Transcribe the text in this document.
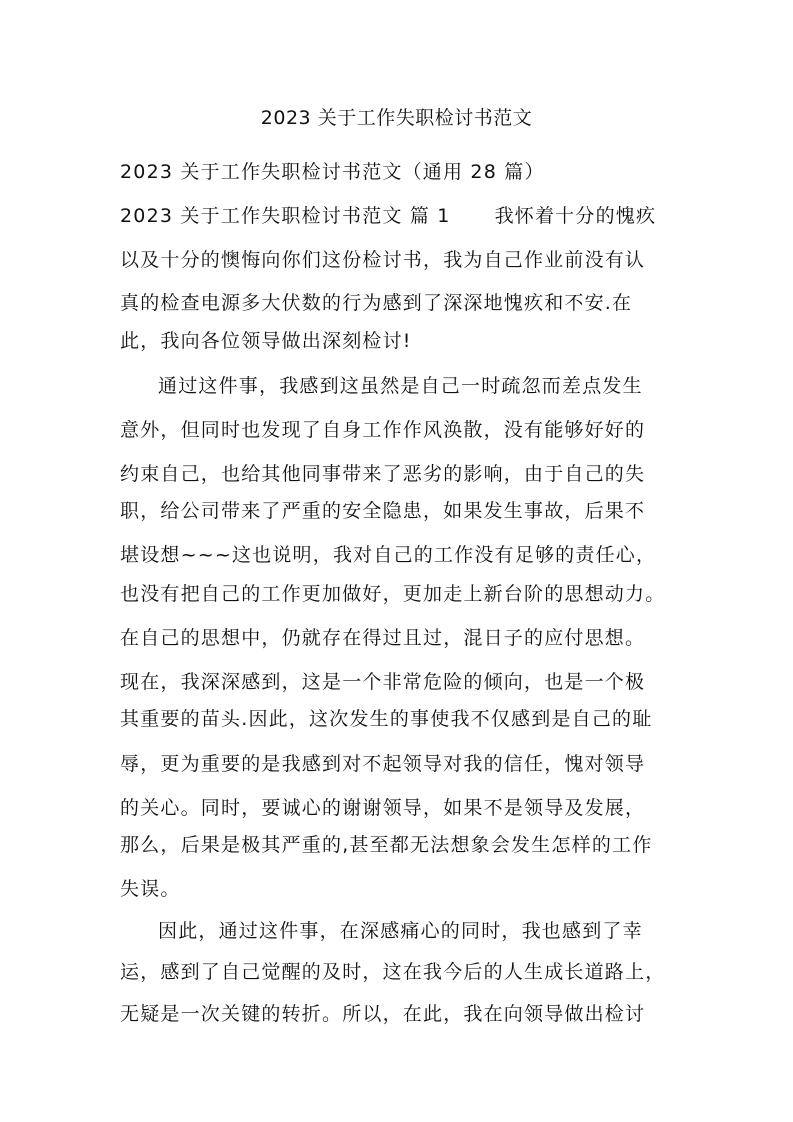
2023 关于工作失职检讨书范文
2023 关于工作失职检讨书范文（通用 28 篇）
2023 关于工作失职检讨书范文 篇 1 我怀着十分的愧疚
以及十分的懊悔向你们这份检讨书，我为自己作业前没有认
真的检查电源多大伏数的行为感到了深深地愧疚和不安.在
此，我向各位领导做出深刻检讨!
通过这件事，我感到这虽然是自己一时疏忽而差点发生
意外，但同时也发现了自身工作作风涣散，没有能够好好的
约束自己，也给其他同事带来了恶劣的影响，由于自己的失
职，给公司带来了严重的安全隐患，如果发生事故，后果不
堪设想~~~这也说明，我对自己的工作没有足够的责任心，
也没有把自己的工作更加做好，更加走上新台阶的思想动力。
在自己的思想中，仍就存在得过且过，混日子的应付思想。
现在，我深深感到，这是一个非常危险的倾向，也是一个极
其重要的苗头.因此，这次发生的事使我不仅感到是自己的耻
辱，更为重要的是我感到对不起领导对我的信任，愧对领导
的关心。同时，要诚心的谢谢领导，如果不是领导及发展，
那么，后果是极其严重的,甚至都无法想象会发生怎样的工作
失误。
因此，通过这件事，在深感痛心的同时，我也感到了幸
运，感到了自己觉醒的及时，这在我今后的人生成长道路上，
无疑是一次关键的转折。所以，在此，我在向领导做出检讨
